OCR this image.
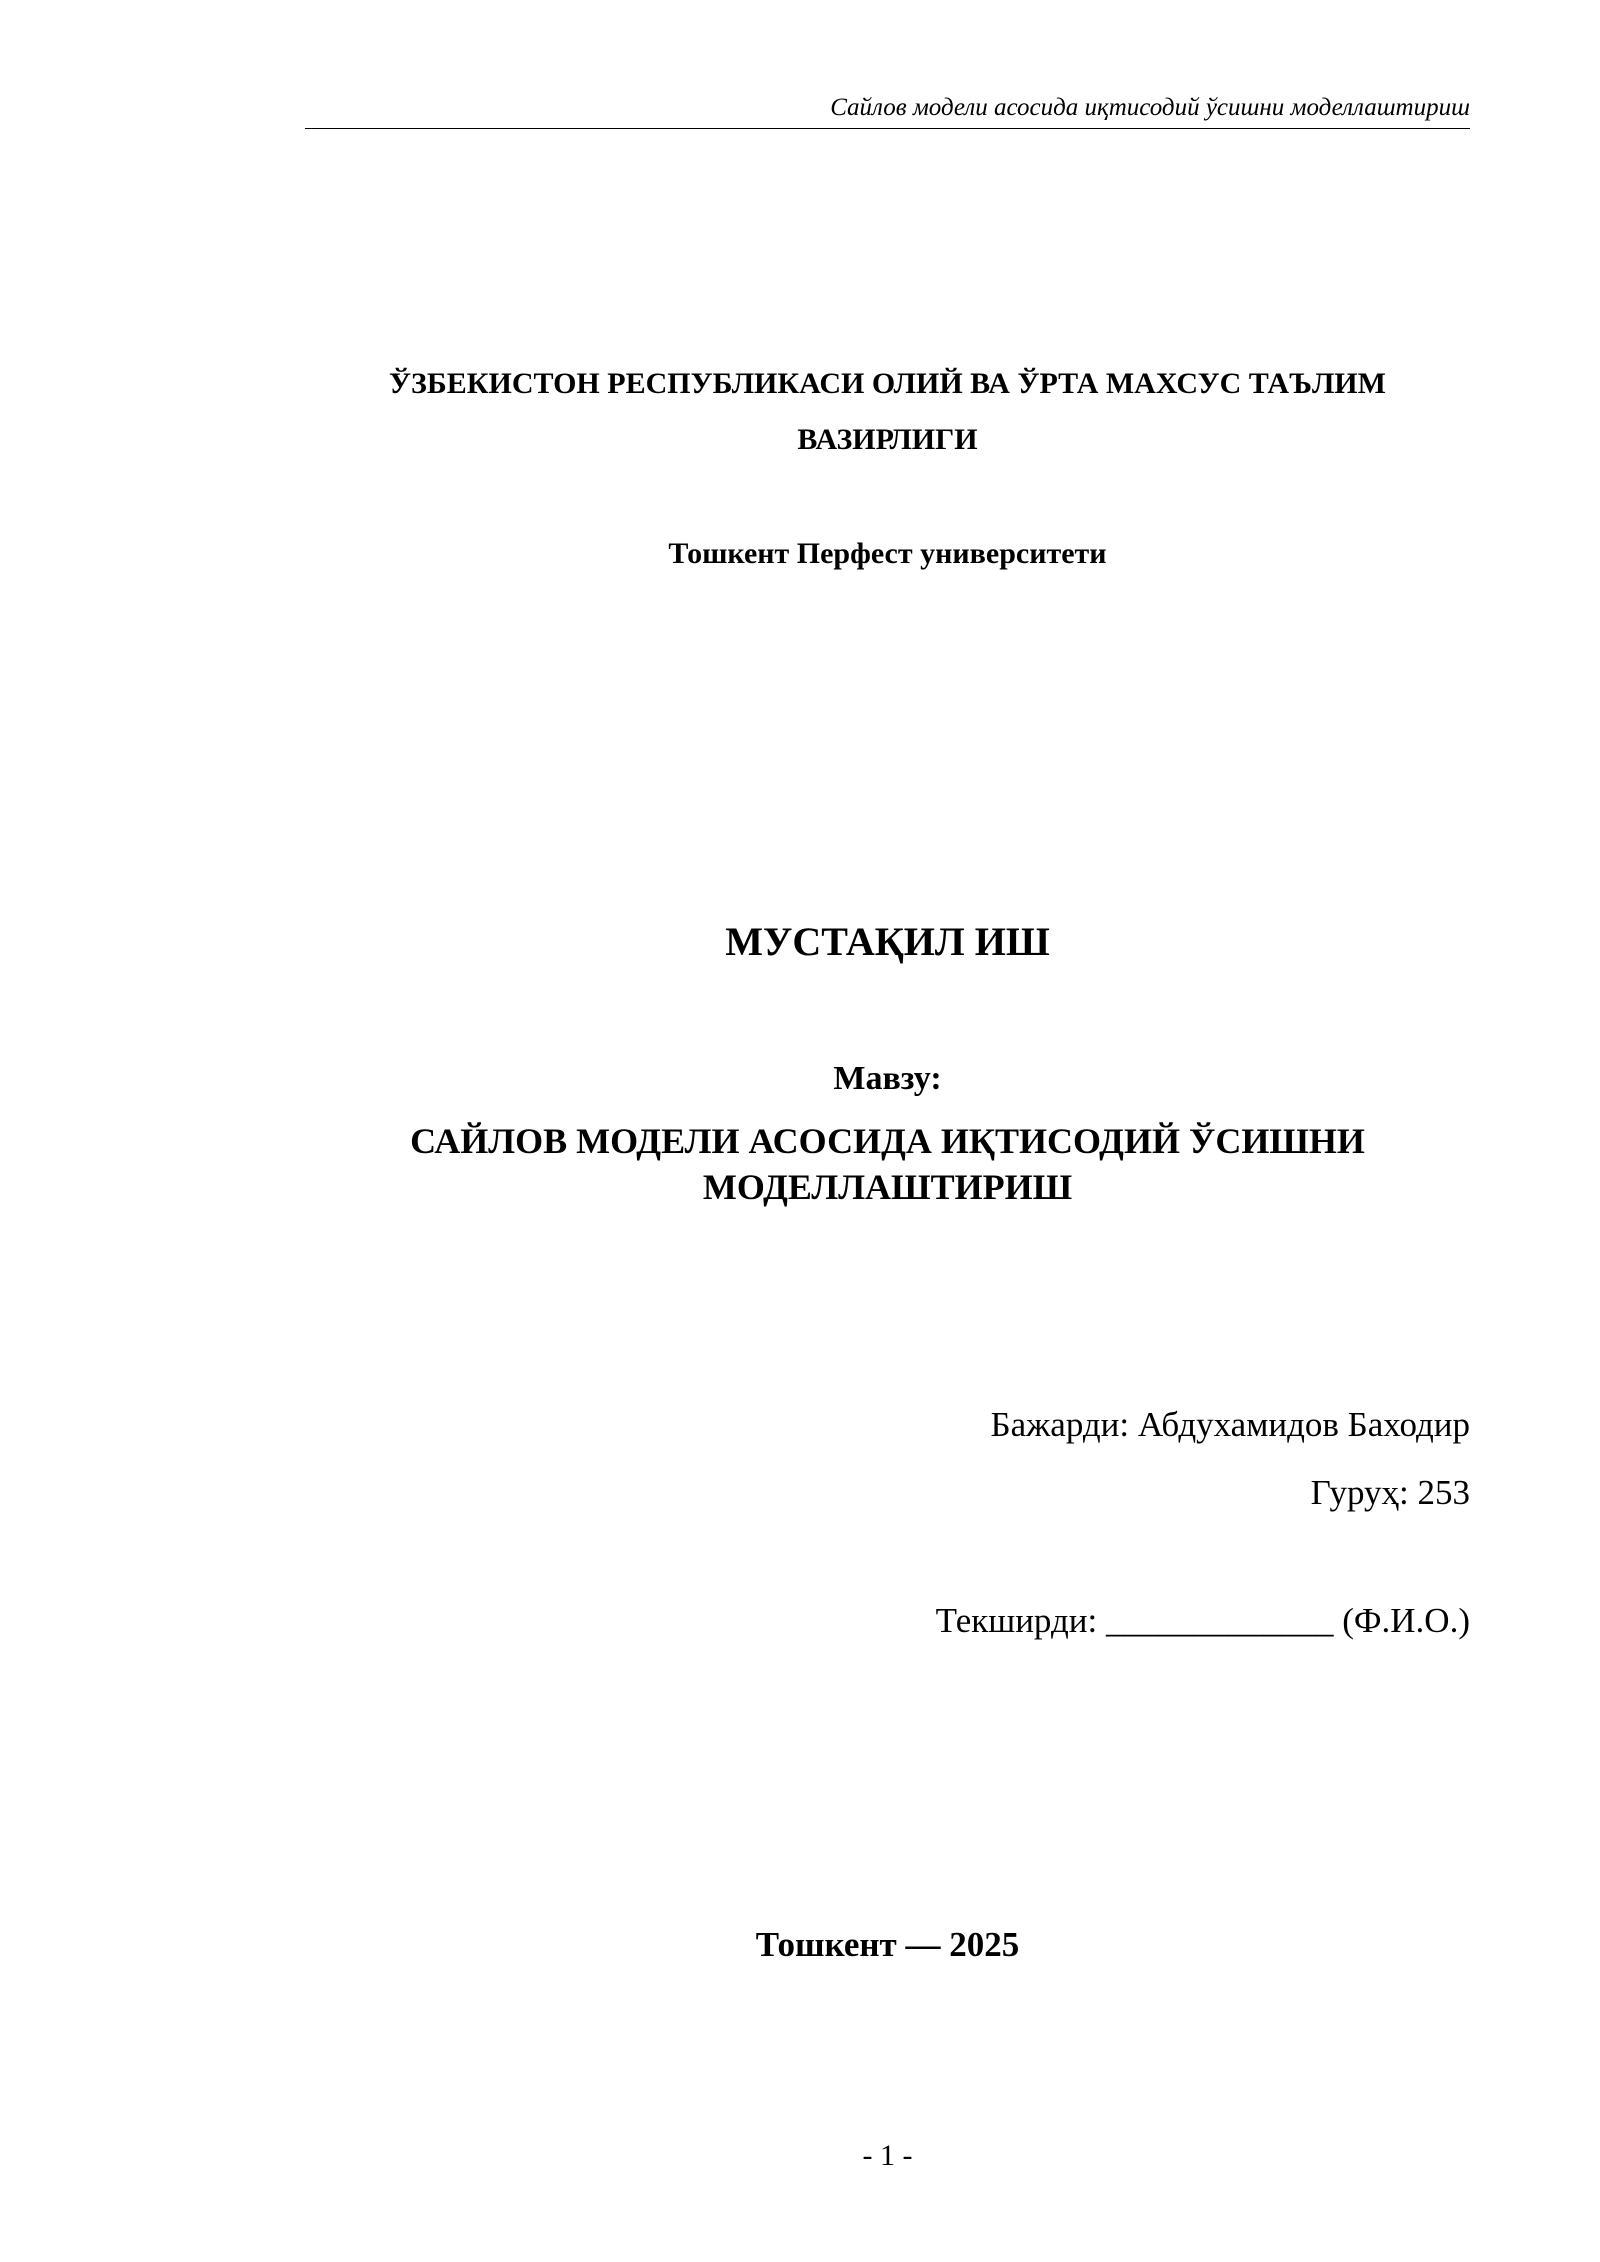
Сайлов модели асосида иқтисодий ўсишни моделлаштириш
ЎЗБЕКИСТОН РЕСПУБЛИКАСИ ОЛИЙ ВА ЎРТА МАХСУС ТАЪЛИМ
ВАЗИРЛИГИ
Тошкент Перфест университети
МУСТАҚИЛ ИШ
Мавзу:
САЙЛОВ МОДЕЛИ АСОСИДА ИҚТИСОДИЙ ЎСИШНИ
МОДЕЛЛАШТИРИШ
Бажарди: Абдухамидов Баходир
Гуруҳ: 253
Текширди: _____________ (Ф.И.О.)
Тошкент — 2025
- 1 -
